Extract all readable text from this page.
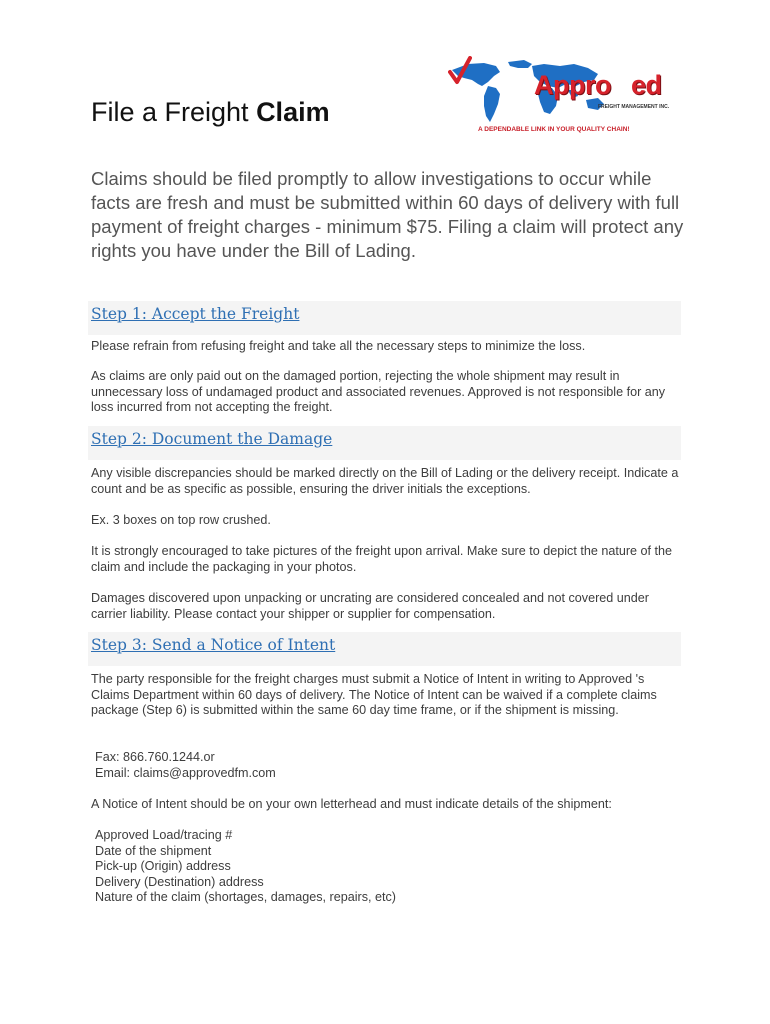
Appro ed
FREIGHT MANAGEMENT INC.
A DEPENDABLE LINK IN YOUR QUALITY CHAIN!
File a Freight Claim

Claims should be filed promptly to allow investigations to occur while facts are fresh and must be submitted within 60 days of delivery with full payment of freight charges - minimum $75. Filing a claim will protect any rights you have under the Bill of Lading.

Step 1: Accept the Freight

Please refrain from refusing freight and take all the necessary steps to minimize the loss.

As claims are only paid out on the damaged portion, rejecting the whole shipment may result in unnecessary loss of undamaged product and associated revenues. Approved is not responsible for any loss incurred from not accepting the freight.

Step 2: Document the Damage

Any visible discrepancies should be marked directly on the Bill of Lading or the delivery receipt. Indicate a count and be as specific as possible, ensuring the driver initials the exceptions.

Ex. 3 boxes on top row crushed.

It is strongly encouraged to take pictures of the freight upon arrival. Make sure to depict the nature of the claim and include the packaging in your photos.

Damages discovered upon unpacking or uncrating are considered concealed and not covered under carrier liability. Please contact your shipper or supplier for compensation.

Step 3: Send a Notice of Intent

The party responsible for the freight charges must submit a Notice of Intent in writing to Approved 's Claims Department within 60 days of delivery. The Notice of Intent can be waived if a complete claims package (Step 6) is submitted within the same 60 day time frame, or if the shipment is missing.

Fax: 866.760.1244.or
Email: claims@approvedfm.com

A Notice of Intent should be on your own letterhead and must indicate details of the shipment:

Approved Load/tracing #
Date of the shipment
Pick-up (Origin) address
Delivery (Destination) address
Nature of the claim (shortages, damages, repairs, etc)
